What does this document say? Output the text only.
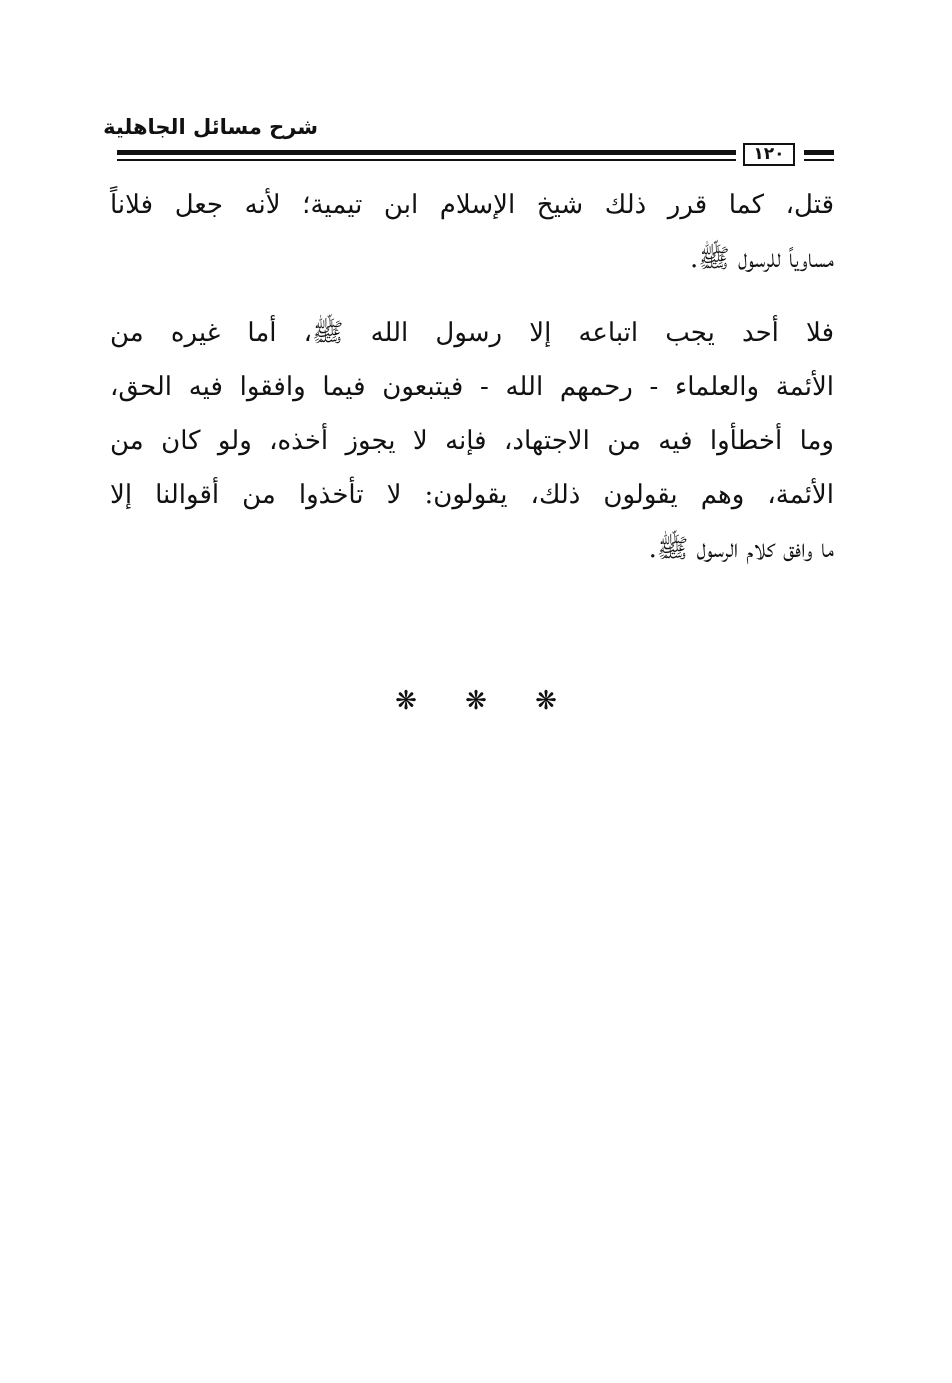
شرح مسائل الجاهلية
١٢٠
قتل، كما قرر ذلك شيخ الإسلام ابن تيمية؛ لأنه جعل فلاناً
مساوياً للرسول ﷺ.
فلا أحد يجب اتباعه إلا رسول الله ﷺ، أما غيره من
الأئمة والعلماء - رحمهم الله - فيتبعون فيما وافقوا فيه الحق،
وما أخطأوا فيه من الاجتهاد، فإنه لا يجوز أخذه، ولو كان من
الأئمة، وهم يقولون ذلك، يقولون: لا تأخذوا من أقوالنا إلا
ما وافق كلام الرسول ﷺ.
❋	❋	❋
